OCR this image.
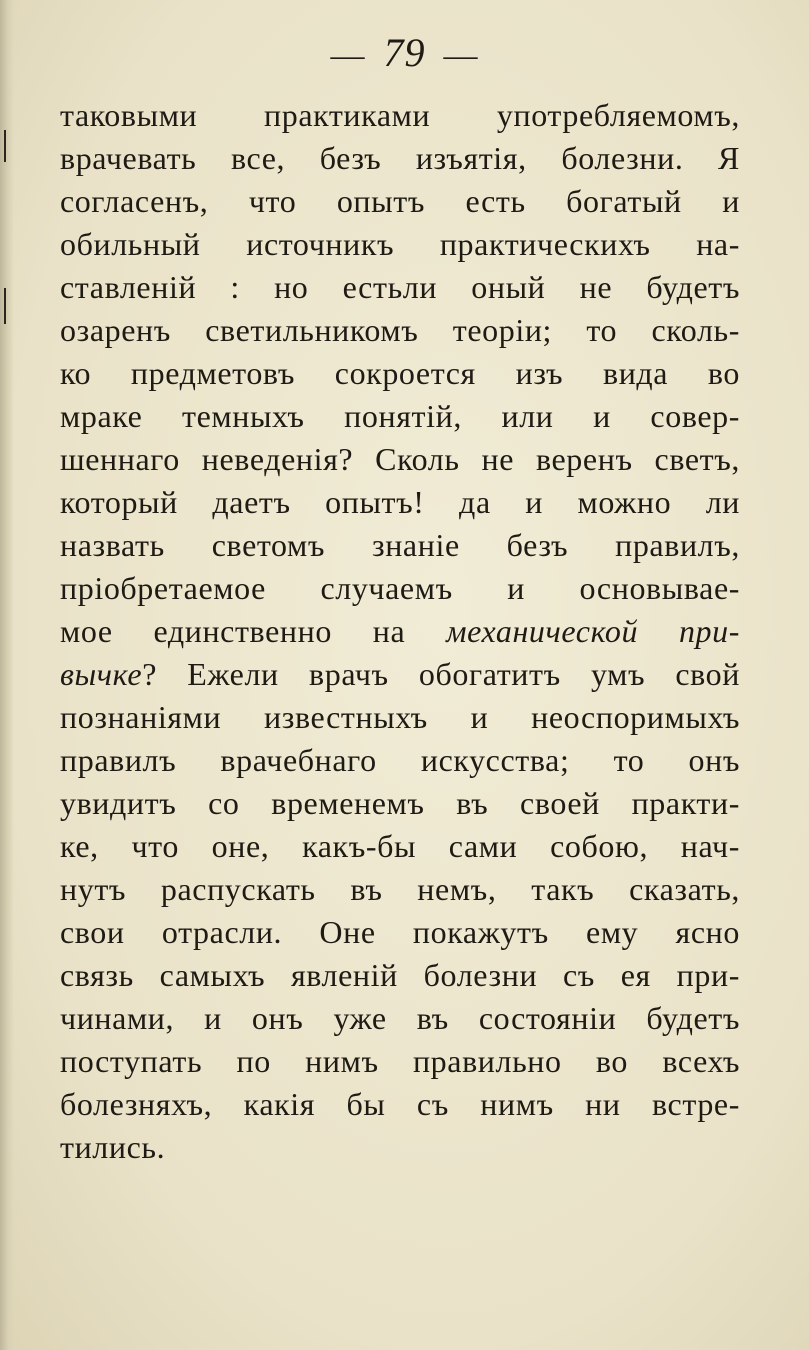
— 79 —
таковыми практиками употребляемомъ,
врачевать все, безъ изъятія, болезни. Я
согласенъ, что опытъ есть богатый и
обильный источникъ практическихъ на-
ставленій : но естьли оный не будетъ
озаренъ светильникомъ теоріи; то сколь-
ко предметовъ сокроется изъ вида во
мраке темныхъ понятій, или и совер-
шеннаго неведенія? Сколь не веренъ светъ,
который даетъ опытъ! да и можно ли
назвать светомъ знаніе безъ правилъ,
пріобретаемое случаемъ и основывае-
мое единственно на механической при-
вычке? Ежели врачъ обогатитъ умъ свой
познаніями известныхъ и неоспоримыхъ
правилъ врачебнаго искусства; то онъ
увидитъ со временемъ въ своей практи-
ке, что оне, какъ-бы сами собою, нач-
нутъ распускать въ немъ, такъ сказать,
свои отрасли. Оне покажутъ ему ясно
связь самыхъ явленій болезни съ ея при-
чинами, и онъ уже въ состояніи будетъ
поступать по нимъ правильно во всехъ
болезняхъ, какія бы съ нимъ ни встре-
тились.
